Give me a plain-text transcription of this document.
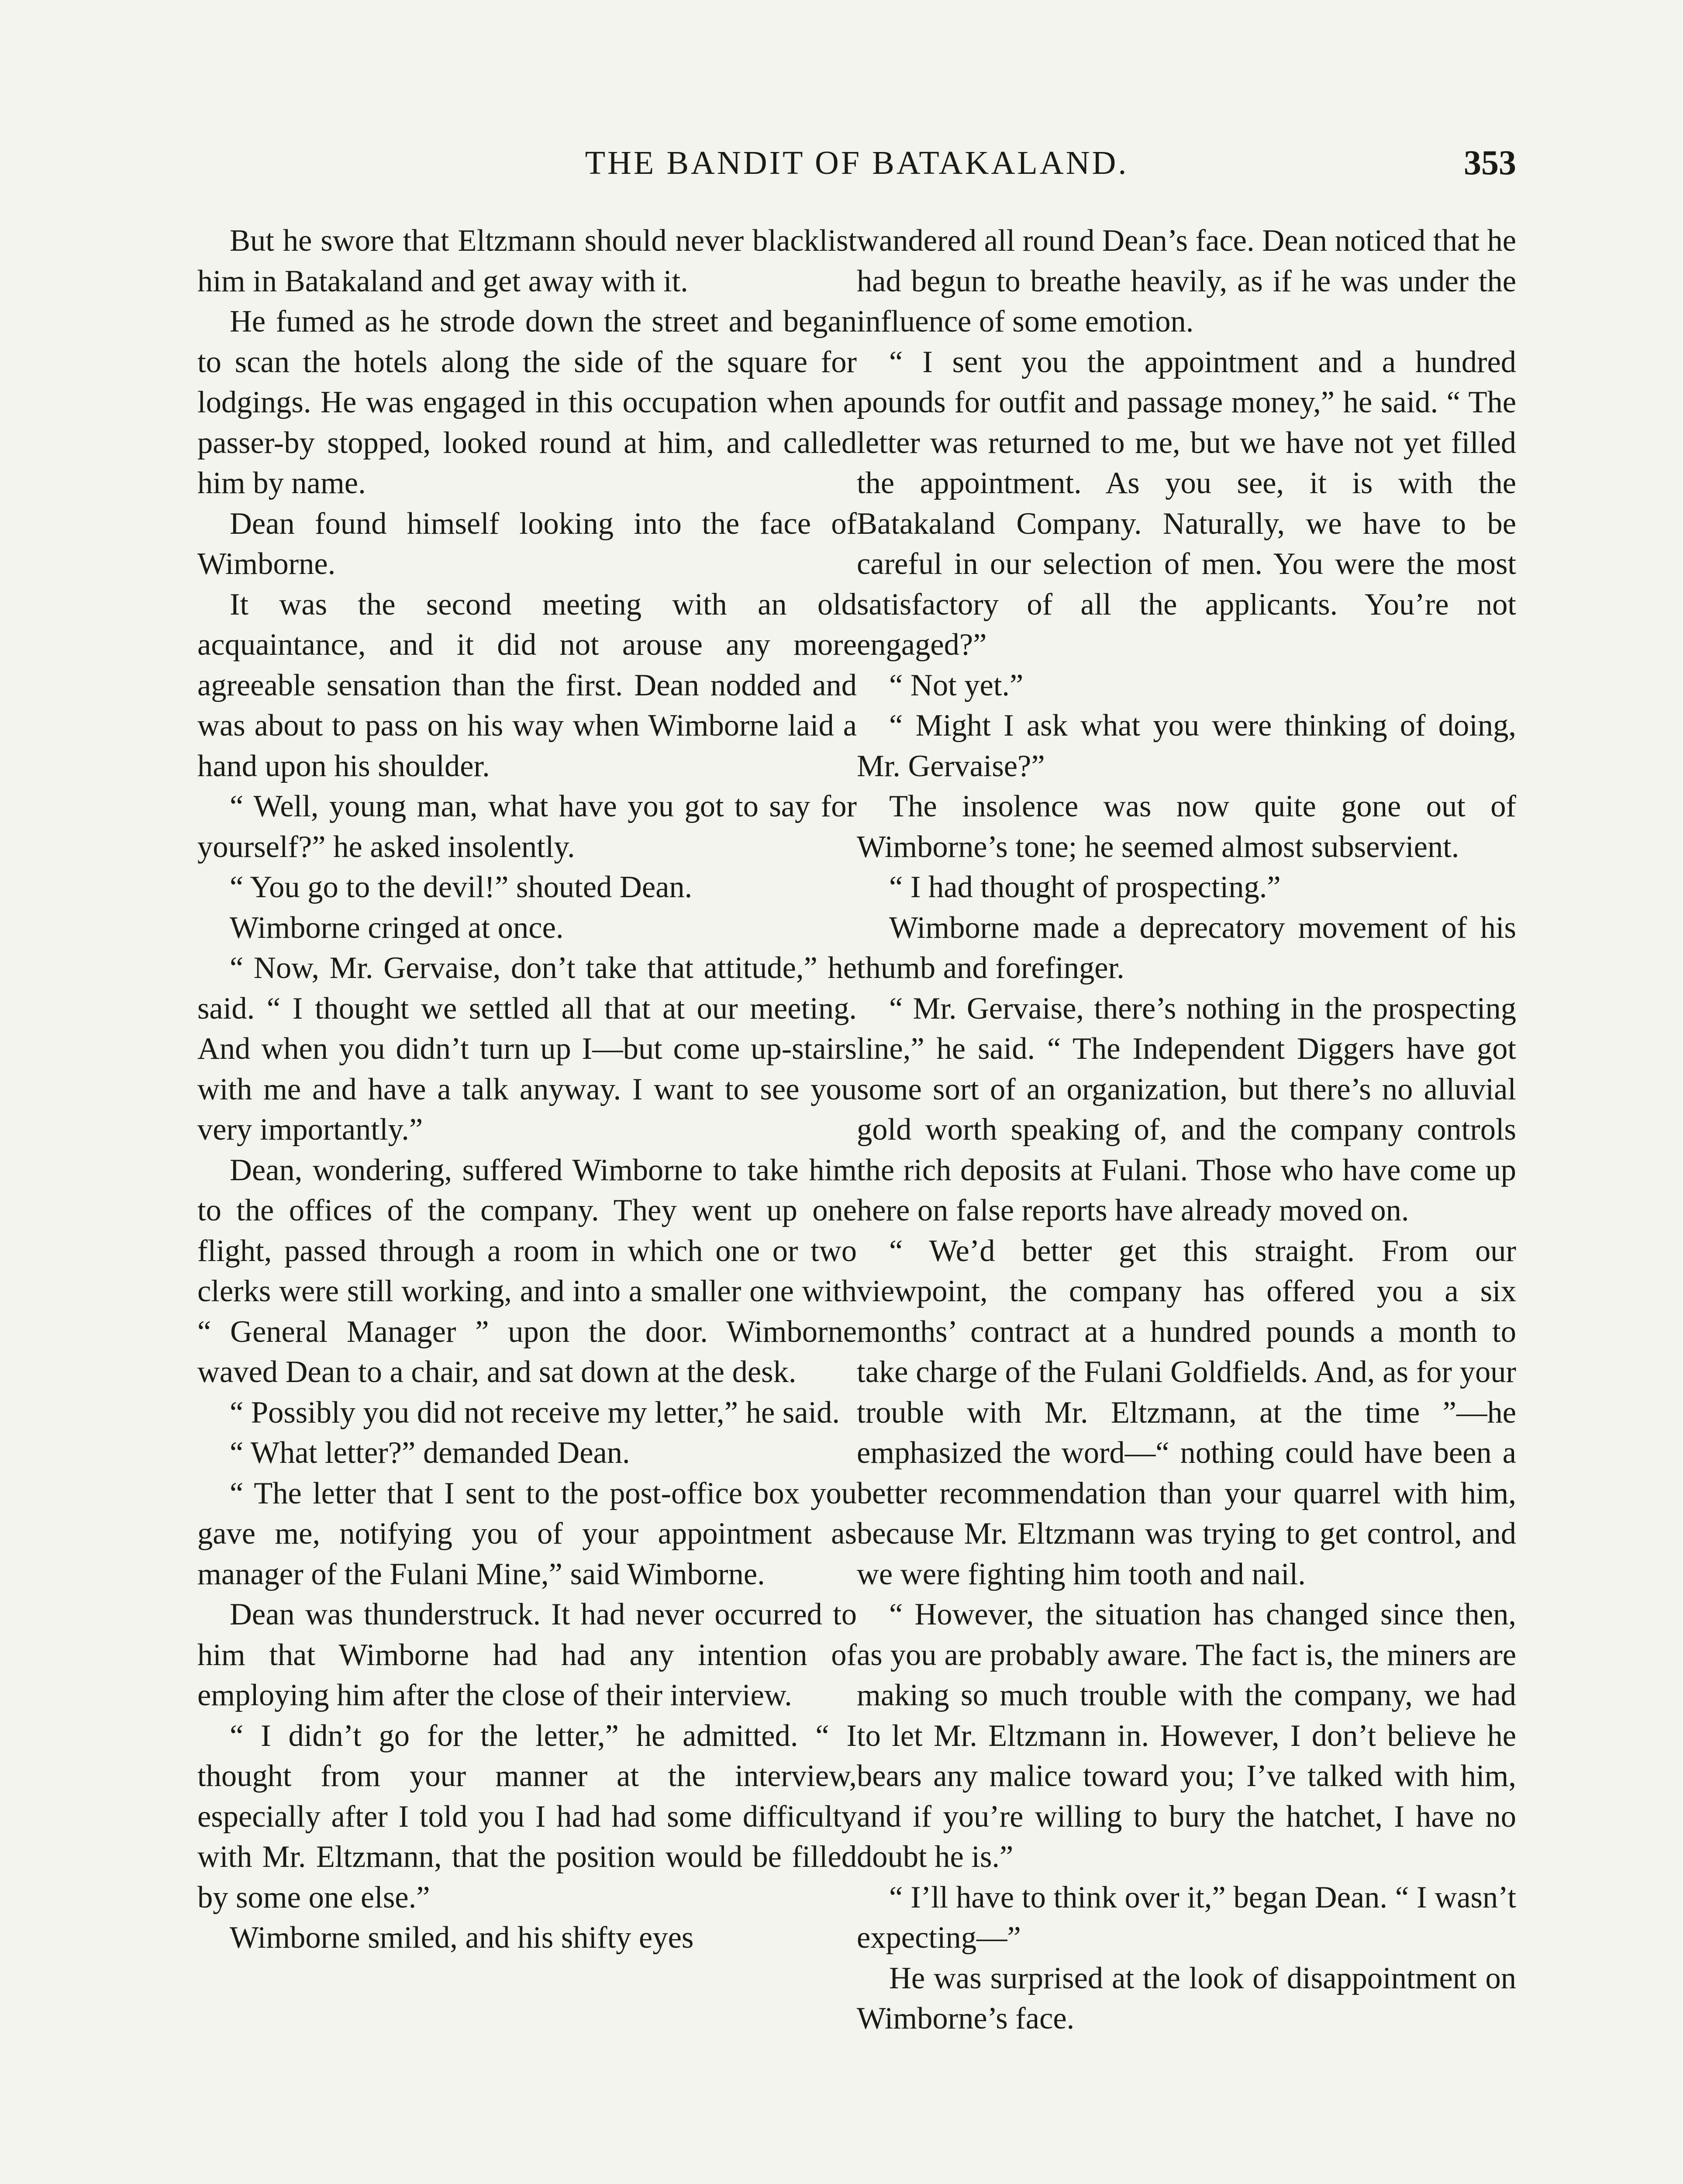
THE BANDIT OF BATAKALAND.	353

But he swore that Eltzmann should never blacklist him in Batakaland and get away with it.

He fumed as he strode down the street and began to scan the hotels along the side of the square for lodgings. He was engaged in this occupation when a passer-by stopped, looked round at him, and called him by name.

Dean found himself looking into the face of Wimborne.

It was the second meeting with an old acquaintance, and it did not arouse any more agreeable sensation than the first. Dean nodded and was about to pass on his way when Wimborne laid a hand upon his shoulder.

“ Well, young man, what have you got to say for yourself?” he asked insolently.

“ You go to the devil!” shouted Dean.

Wimborne cringed at once.

“ Now, Mr. Gervaise, don’t take that attitude,” he said. “ I thought we settled all that at our meeting. And when you didn’t turn up I—but come up-stairs with me and have a talk anyway. I want to see you very importantly.”

Dean, wondering, suffered Wimborne to take him to the offices of the company. They went up one flight, passed through a room in which one or two clerks were still working, and into a smaller one with “ General Manager ” upon the door. Wimborne waved Dean to a chair, and sat down at the desk.

“ Possibly you did not receive my letter,” he said.

“ What letter?” demanded Dean.

“ The letter that I sent to the post-office box you gave me, notifying you of your appointment as manager of the Fulani Mine,” said Wimborne.

Dean was thunderstruck. It had never occurred to him that Wimborne had had any intention of employing him after the close of their interview.

“ I didn’t go for the letter,” he admitted. “ I thought from your manner at the interview, especially after I told you I had had some difficulty with Mr. Eltzmann, that the position would be filled by some one else.”

Wimborne smiled, and his shifty eyes

wandered all round Dean’s face. Dean noticed that he had begun to breathe heavily, as if he was under the influence of some emotion.

“ I sent you the appointment and a hundred pounds for outfit and passage money,” he said. “ The letter was returned to me, but we have not yet filled the appointment. As you see, it is with the Batakaland Company. Naturally, we have to be careful in our selection of men. You were the most satisfactory of all the applicants. You’re not engaged?”

“ Not yet.”

“ Might I ask what you were thinking of doing, Mr. Gervaise?”

The insolence was now quite gone out of Wimborne’s tone; he seemed almost subservient.

“ I had thought of prospecting.”

Wimborne made a deprecatory movement of his thumb and forefinger.

“ Mr. Gervaise, there’s nothing in the prospecting line,” he said. “ The Independent Diggers have got some sort of an organization, but there’s no alluvial gold worth speaking of, and the company controls the rich deposits at Fulani. Those who have come up here on false reports have already moved on.

“ We’d better get this straight. From our viewpoint, the company has offered you a six months’ contract at a hundred pounds a month to take charge of the Fulani Goldfields. And, as for your trouble with Mr. Eltzmann, at the time ”—he emphasized the word—“ nothing could have been a better recommendation than your quarrel with him, because Mr. Eltzmann was trying to get control, and we were fighting him tooth and nail.

“ However, the situation has changed since then, as you are probably aware. The fact is, the miners are making so much trouble with the company, we had to let Mr. Eltzmann in. However, I don’t believe he bears any malice toward you; I’ve talked with him, and if you’re willing to bury the hatchet, I have no doubt he is.”

“ I’ll have to think over it,” began Dean. “ I wasn’t expecting—”

He was surprised at the look of disappointment on Wimborne’s face.
